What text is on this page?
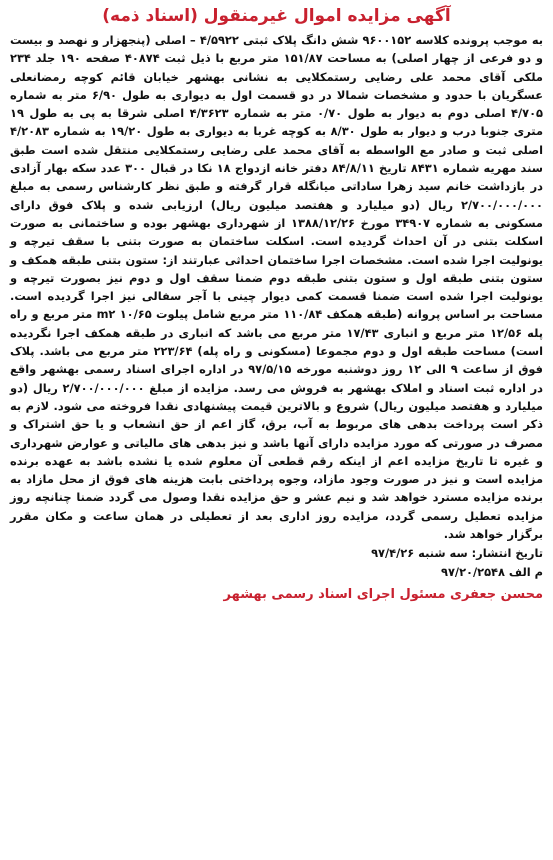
آگهی مزایده اموال غیرمنقول (اسناد ذمه)

به موجب پرونده کلاسه ۹۶۰۰۱۵۲ شش دانگ پلاک ثبتی ۴/۵۹۲۲ – اصلی (پنجهزار و نهصد و بیست و دو فرعی از چهار اصلی) به مساحت ۱۵۱/۸۷ متر مربع با ذیل ثبت ۴۰۸۷۴ صفحه ۱۹۰ جلد ۲۳۴ ملکی آقای محمد علی رضایی رستمکلایی به نشانی بهشهر خیابان قائم کوچه رمضانعلی عسگریان با حدود و مشخصات شمالا در دو قسمت اول به دیواری به طول ۶/۹۰ متر به شماره ۴/۷۰۵ اصلی دوم به دیوار به طول ۰/۷۰ متر به شماره ۴/۳۶۲۳ اصلی شرقا به پی به طول ۱۹ متری جنوبا درب و دیوار به طول ۸/۳۰ به کوچه غربا به دیواری به طول ۱۹/۲۰ به شماره ۴/۲۰۸۳ اصلی ثبت و صادر مع الواسطه به آقای محمد علی رضایی رستمکلایی منتقل شده است طبق سند مهریه شماره ۸۴۳۱ تاریخ ۸۴/۸/۱۱ دفتر خانه ازدواج ۱۸ نکا در قبال ۳۰۰ عدد سکه بهار آزادی در بازداشت خانم سید زهرا ساداتی میانگله قرار گرفته و طبق نظر کارشناس رسمی به مبلغ ۲/۷۰۰/۰۰۰/۰۰۰ ریال (دو میلیارد و هفتصد میلیون ریال) ارزیابی شده و پلاک فوق دارای مسکونی به شماره ۳۴۹۰۷ مورخ ۱۳۸۸/۱۲/۲۶ از شهرداری بهشهر بوده و ساختمانی به صورت اسکلت بتنی در آن احداث گردیده است. اسکلت ساختمان به صورت بتنی با سقف تیرچه و یونولیت اجرا شده است. مشخصات اجرا ساختمان احداثی عبارتند از: ستون بتنی طبقه همکف و ستون بتنی طبقه اول و ستون بتنی طبقه دوم ضمنا سقف اول و دوم نیز بصورت تیرچه و یونولیت اجرا شده است ضمنا قسمت کمی دیوار چینی با آجر سفالی نیز اجرا گردیده است. مساحت بر اساس پروانه (طبقه همکف ۱۱۰/۸۴ متر مربع شامل پیلوت ۱۰/۶۵ m۲ متر مربع و راه پله ۱۲/۵۶ متر مربع و انباری ۱۷/۴۳ متر مربع می باشد که انباری در طبقه همکف اجرا نگردیده است) مساحت طبقه اول و دوم مجموعا (مسکونی و راه پله) ۲۲۳/۶۴ متر مربع می باشد. پلاک فوق از ساعت ۹ الی ۱۲ روز دوشنبه مورخه ۹۷/۵/۱۵ در اداره اجرای اسناد رسمی بهشهر واقع در اداره ثبت اسناد و املاک بهشهر به فروش می رسد. مزایده از مبلغ ۲/۷۰۰/۰۰۰/۰۰۰ ریال (دو میلیارد و هفتصد میلیون ریال) شروع و بالاترین قیمت پیشنهادی نقدا فروخته می شود. لازم به ذکر است پرداخت بدهی های مربوط به آب، برق، گاز اعم از حق انشعاب و یا حق اشتراک و مصرف در صورتی که مورد مزایده دارای آنها باشد و نیز بدهی های مالیاتی و عوارض شهرداری و غیره تا تاریخ مزایده اعم از اینکه رقم قطعی آن معلوم شده یا نشده باشد به عهده برنده مزایده است و نیز در صورت وجود مازاد، وجوه پرداختی بابت هزینه های فوق از محل مازاد به برنده مزایده مسترد خواهد شد و نیم عشر و حق مزایده نقدا وصول می گردد ضمنا چنانچه روز مزایده تعطیل رسمی گردد، مزایده روز اداری بعد از تعطیلی در همان ساعت و مکان مقرر برگزار خواهد شد.

تاریخ انتشار: سه شنبه ۹۷/۴/۲۶
م الف ۹۷/۲۰/۲۵۴۸
محسن جعفری مسئول اجرای اسناد رسمی بهشهر
